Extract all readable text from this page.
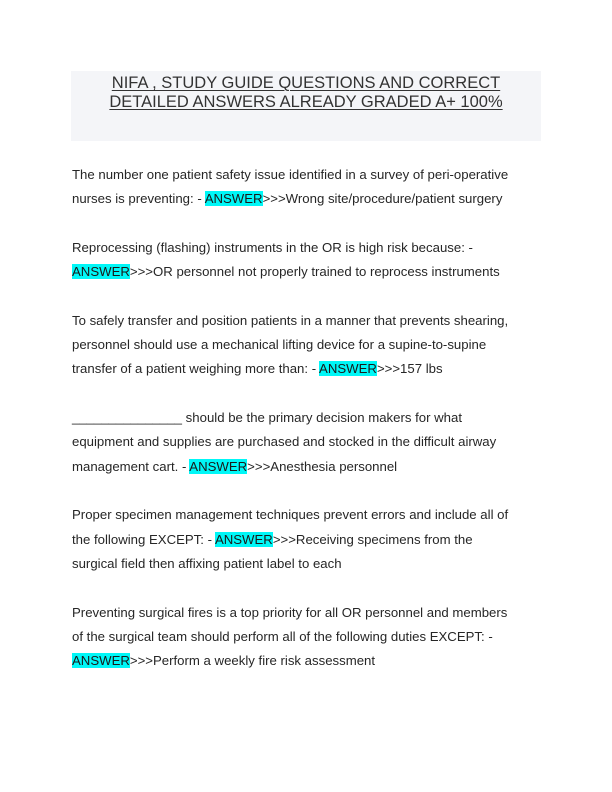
NIFA , STUDY GUIDE QUESTIONS AND CORRECT
DETAILED ANSWERS ALREADY GRADED A+ 100%
The number one patient safety issue identified in a survey of peri-operative
nurses is preventing: - ANSWER>>>Wrong site/procedure/patient surgery
Reprocessing (flashing) instruments in the OR is high risk because: -
ANSWER>>>OR personnel not properly trained to reprocess instruments
To safely transfer and position patients in a manner that prevents shearing,
personnel should use a mechanical lifting device for a supine-to-supine
transfer of a patient weighing more than: - ANSWER>>>157 lbs
_______________ should be the primary decision makers for what
equipment and supplies are purchased and stocked in the difficult airway
management cart. - ANSWER>>>Anesthesia personnel
Proper specimen management techniques prevent errors and include all of
the following EXCEPT: - ANSWER>>>Receiving specimens from the
surgical field then affixing patient label to each
Preventing surgical fires is a top priority for all OR personnel and members
of the surgical team should perform all of the following duties EXCEPT: -
ANSWER>>>Perform a weekly fire risk assessment
